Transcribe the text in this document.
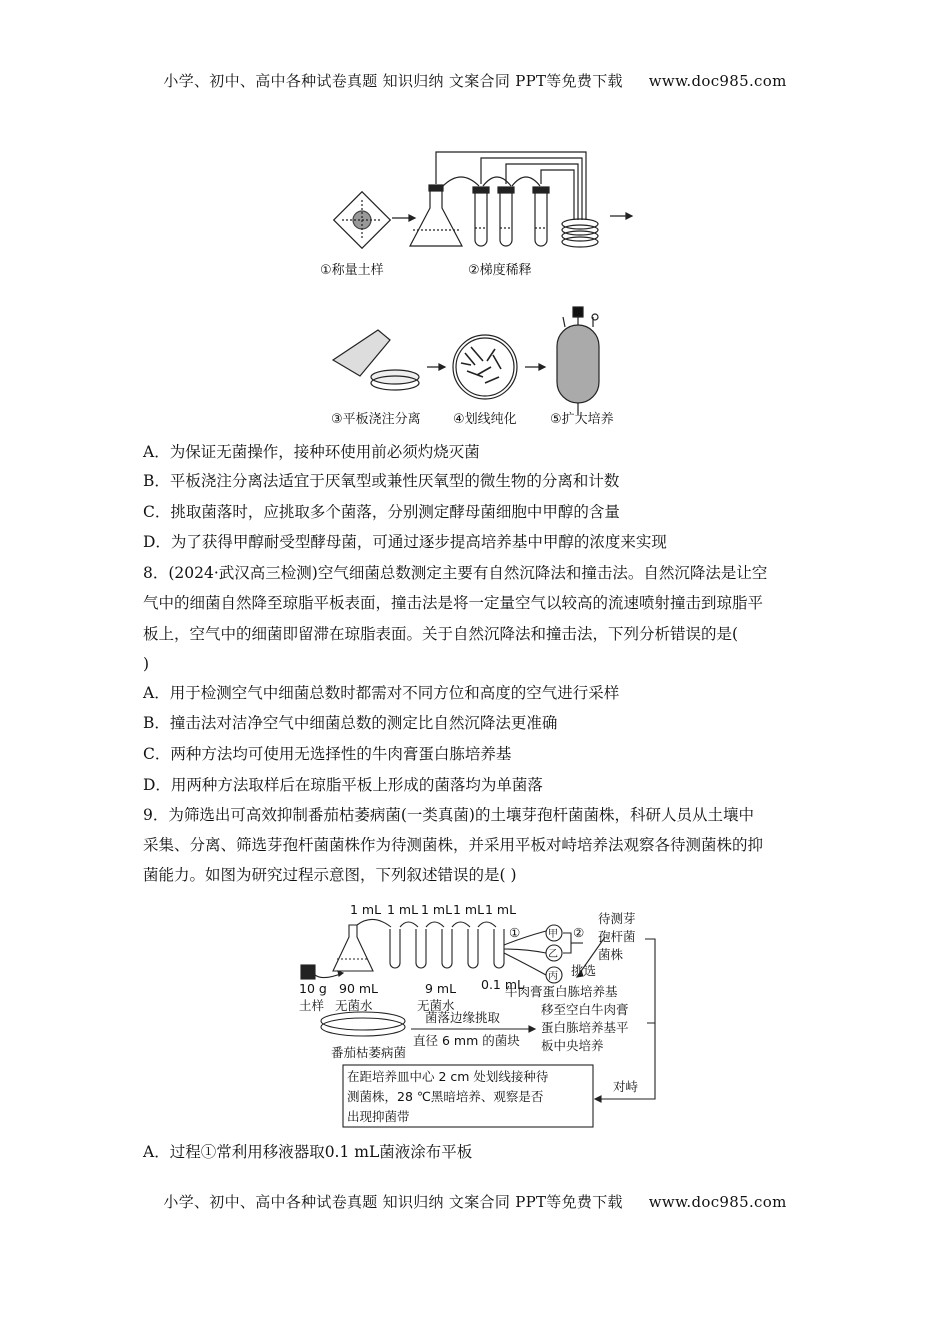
小学、初中、高中各种试卷真题 知识归纳 文案合同 PPT等免费下载 www.doc985.com
①称量土样	②梯度稀释
③平板浇注分离 ④划线纯化	⑤扩大培养
A．为保证无菌操作，接种环使用前必须灼烧灭菌
B．平板浇注分离法适宜于厌氧型或兼性厌氧型的微生物的分离和计数
C．挑取菌落时，应挑取多个菌落，分别测定酵母菌细胞中甲醇的含量
D．为了获得甲醇耐受型酵母菌，可通过逐步提高培养基中甲醇的浓度来实现
8．(2024·武汉高三检测)空气细菌总数测定主要有自然沉降法和撞击法。自然沉降法是让空
气中的细菌自然降至琼脂平板表面，撞击法是将一定量空气以较高的流速喷射撞击到琼脂平
板上，空气中的细菌即留滞在琼脂表面。关于自然沉降法和撞击法，下列分析错误的是(
)
A．用于检测空气中细菌总数时都需对不同方位和高度的空气进行采样
B．撞击法对洁净空气中细菌总数的测定比自然沉降法更准确
C．两种方法均可使用无选择性的牛肉膏蛋白胨培养基
D．用两种方法取样后在琼脂平板上形成的菌落均为单菌落
9．为筛选出可高效抑制番茄枯萎病菌(一类真菌)的土壤芽孢杆菌菌株，科研人员从土壤中
采集、分离、筛选芽孢杆菌菌株作为待测菌株，并采用平板对峙培养法观察各待测菌株的抑
菌能力。如图为研究过程示意图，下列叙述错误的是( )
1 mL 1 mL 1 mL 1 mL 1 mL
10 g
土样
90 mL
无菌水
9 mL
无菌水
0.1 mL
①	②
甲
乙
丙 挑选
待测芽
孢杆菌
菌株
牛肉膏蛋白胨培养基
番茄枯萎病菌
菌落边缘挑取
直径 6 mm 的菌块
移至空白牛肉膏
蛋白胨培养基平
板中央培养
在距培养皿中心 2 cm 处划线接种待
测菌株，28 ℃黑暗培养、观察是否
出现抑菌带
对峙
A．过程①常利用移液器取0.1 mL菌液涂布平板
小学、初中、高中各种试卷真题 知识归纳 文案合同 PPT等免费下载 www.doc985.com
